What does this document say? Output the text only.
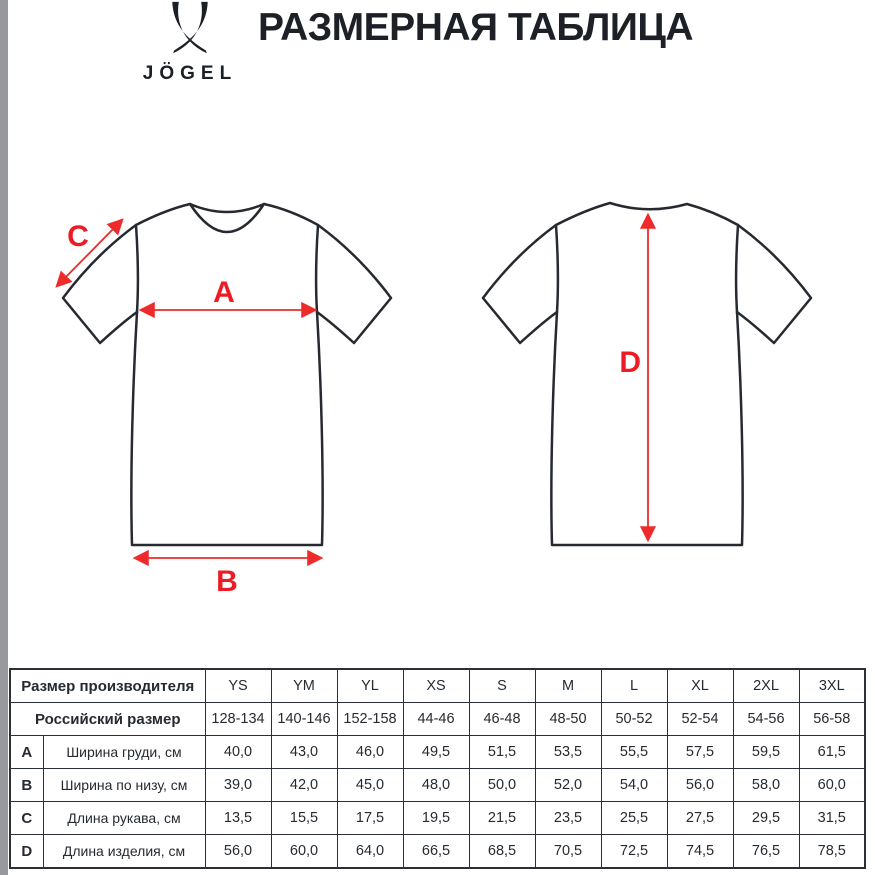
JÖGEL
РАЗМЕРНАЯ ТАБЛИЦА
A
B
C
D
Размер производителя		YS	YM	YL	XS	S	M	L	XL	2XL	3XL
Российский размер		128-134	140-146	152-158	44-46	46-48	48-50	50-52	52-54	54-56	56-58
A	Ширина груди, см	40,0	43,0	46,0	49,5	51,5	53,5	55,5	57,5	59,5	61,5
B	Ширина по низу, см	39,0	42,0	45,0	48,0	50,0	52,0	54,0	56,0	58,0	60,0
C	Длина рукава, см	13,5	15,5	17,5	19,5	21,5	23,5	25,5	27,5	29,5	31,5
D	Длина изделия, см	56,0	60,0	64,0	66,5	68,5	70,5	72,5	74,5	76,5	78,5
